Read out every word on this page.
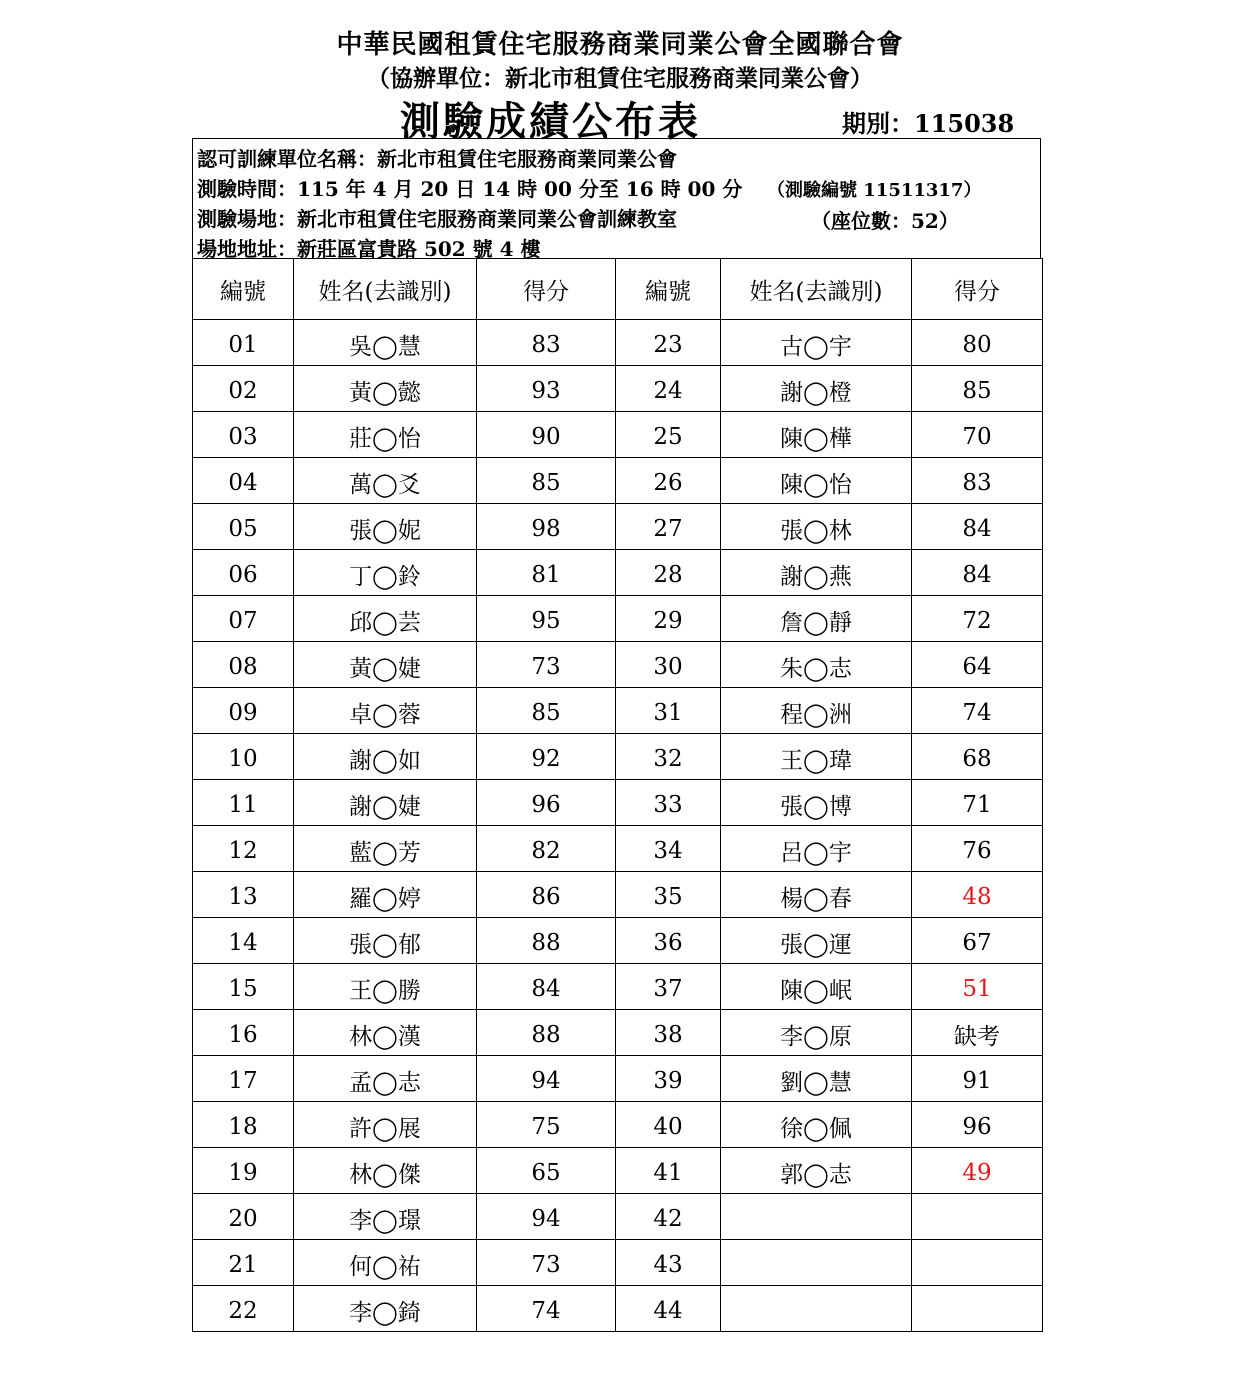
中華民國租賃住宅服務商業同業公會全國聯合會
（協辦單位：新北市租賃住宅服務商業同業公會）
測驗成績公布表	期別：115038
認可訓練單位名稱：新北市租賃住宅服務商業同業公會
測驗時間：115 年 4 月 20 日 14 時 00 分至 16 時 00 分 （測驗編號 11511317）
測驗場地：新北市租賃住宅服務商業同業公會訓練教室	（座位數：52）
場地地址：新莊區富貴路 502 號 4 樓
編號	姓名(去識別)	得分	編號	姓名(去識別)	得分
01	吳◯慧	83	23	古◯宇	80
02	黃◯懿	93	24	謝◯橙	85
03	莊◯怡	90	25	陳◯樺	70
04	萬◯爻	85	26	陳◯怡	83
05	張◯妮	98	27	張◯林	84
06	丁◯鈴	81	28	謝◯燕	84
07	邱◯芸	95	29	詹◯靜	72
08	黃◯婕	73	30	朱◯志	64
09	卓◯蓉	85	31	程◯洲	74
10	謝◯如	92	32	王◯瑋	68
11	謝◯婕	96	33	張◯博	71
12	藍◯芳	82	34	呂◯宇	76
13	羅◯婷	86	35	楊◯春	48
14	張◯郁	88	36	張◯運	67
15	王◯勝	84	37	陳◯岷	51
16	林◯漢	88	38	李◯原	缺考
17	孟◯志	94	39	劉◯慧	91
18	許◯展	75	40	徐◯佩	96
19	林◯傑	65	41	郭◯志	49
20	李◯璟	94	42		
21	何◯祐	73	43		
22	李◯錡	74	44		
